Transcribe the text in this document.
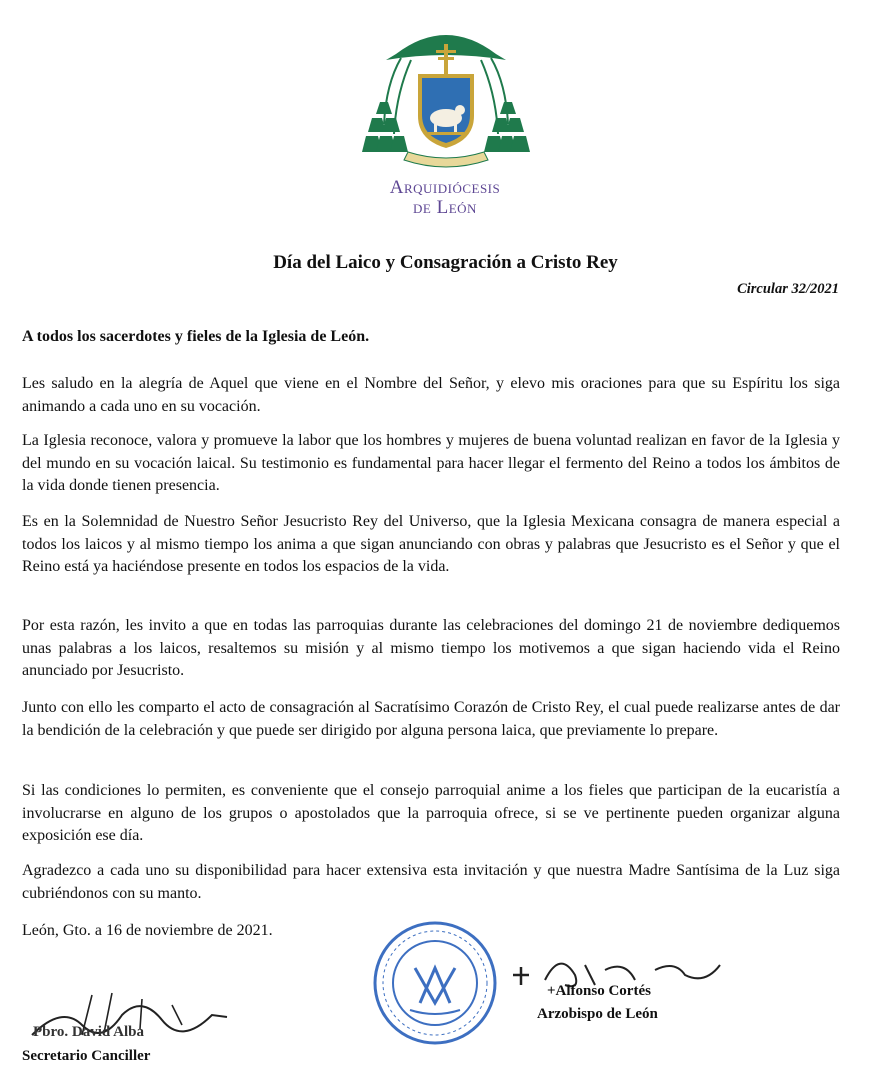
Arquidiócesis
de León
Día del Laico y Consagración a Cristo Rey
Circular 32/2021
A todos los sacerdotes y fieles de la Iglesia de León.
Les saludo en la alegría de Aquel que viene en el Nombre del Señor, y elevo mis oraciones para que su Espíritu los siga animando a cada uno en su vocación.
La Iglesia reconoce, valora y promueve la labor que los hombres y mujeres de buena voluntad realizan en favor de la Iglesia y del mundo en su vocación laical. Su testimonio es fundamental para hacer llegar el fermento del Reino a todos los ámbitos de la vida donde tienen presencia.
Es en la Solemnidad de Nuestro Señor Jesucristo Rey del Universo, que la Iglesia Mexicana consagra de manera especial a todos los laicos y al mismo tiempo los anima a que sigan anunciando con obras y palabras que Jesucristo es el Señor y que el Reino está ya haciéndose presente en todos los espacios de la vida.
Por esta razón, les invito a que en todas las parroquias durante las celebraciones del domingo 21 de noviembre dediquemos unas palabras a los laicos, resaltemos su misión y al mismo tiempo los motivemos a que sigan haciendo vida el Reino anunciado por Jesucristo.
Junto con ello les comparto el acto de consagración al Sacratísimo Corazón de Cristo Rey, el cual puede realizarse antes de dar la bendición de la celebración y que puede ser dirigido por alguna persona laica, que previamente lo prepare.
Si las condiciones lo permiten, es conveniente que el consejo parroquial anime a los fieles que participan de la eucaristía a involucrarse en alguno de los grupos o apostolados que la parroquia ofrece, si se ve pertinente pueden organizar alguna exposición ese día.
Agradezco a cada uno su disponibilidad para hacer extensiva esta invitación y que nuestra Madre Santísima de la Luz siga cubriéndonos con su manto.
León, Gto. a 16 de noviembre de 2021.
Pbro. David Alba
Secretario Canciller
+Alfonso Cortés
Arzobispo de León
